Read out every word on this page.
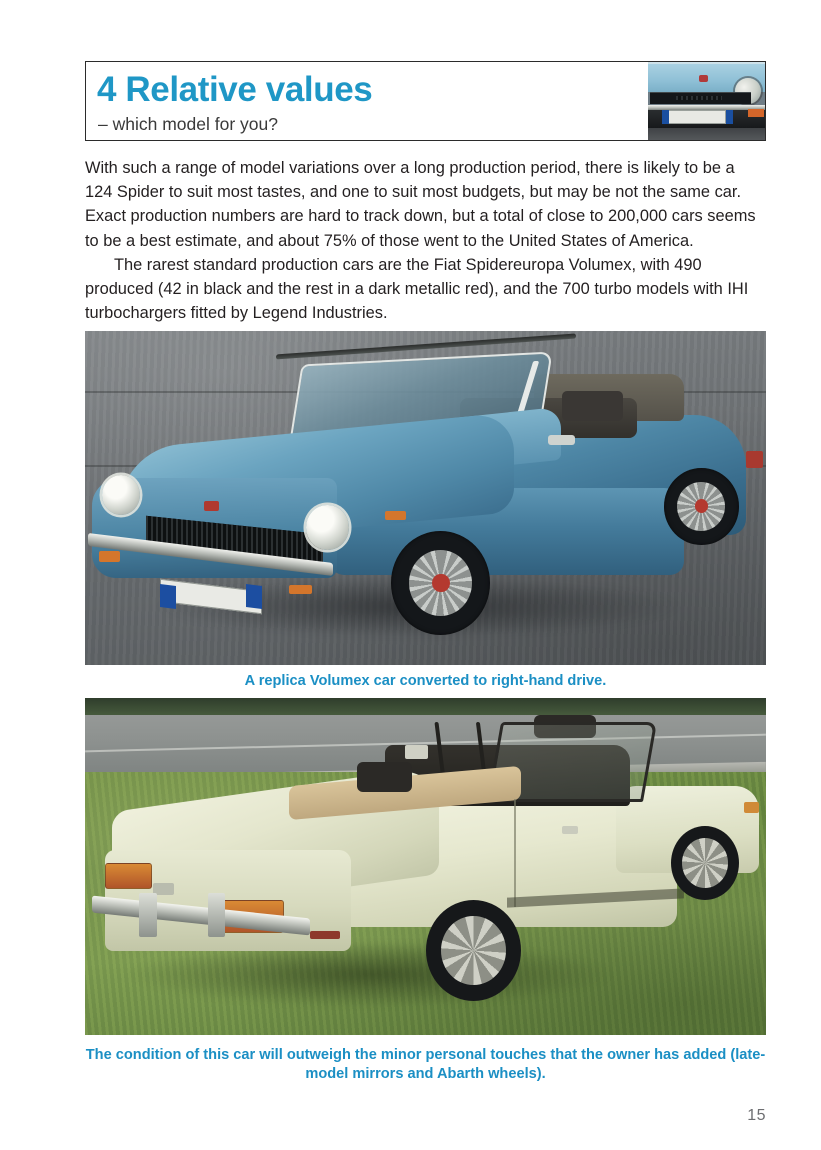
4 Relative values
– which model for you?

With such a range of model variations over a long production period, there is likely to be a 124 Spider to suit most tastes, and one to suit most budgets, but may be not the same car. Exact production numbers are hard to track down, but a total of close to 200,000 cars seems to be a best estimate, and about 75% of those went to the United States of America.

The rarest standard production cars are the Fiat Spidereuropa Volumex, with 490 produced (42 in black and the rest in a dark metallic red), and the 700 turbo models with IHI turbochargers fitted by Legend Industries.

A replica Volumex car converted to right-hand drive.
The condition of this car will outweigh the minor personal touches that the owner has added (late-model mirrors and Abarth wheels).
15
